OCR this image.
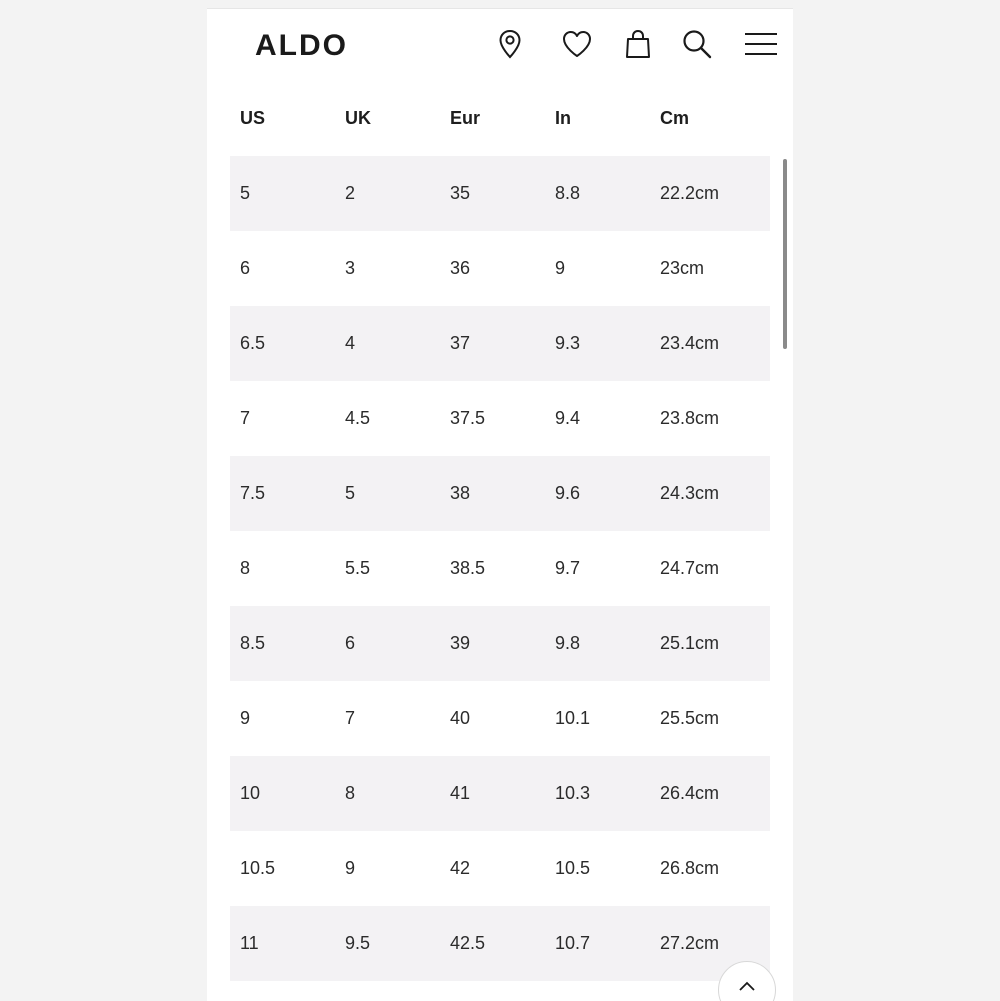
ALDO
US	UK	Eur	In	Cm
5	2	35	8.8	22.2cm
6	3	36	9	23cm
6.5	4	37	9.3	23.4cm
7	4.5	37.5	9.4	23.8cm
7.5	5	38	9.6	24.3cm
8	5.5	38.5	9.7	24.7cm
8.5	6	39	9.8	25.1cm
9	7	40	10.1	25.5cm
10	8	41	10.3	26.4cm
10.5	9	42	10.5	26.8cm
11	9.5	42.5	10.7	27.2cm
